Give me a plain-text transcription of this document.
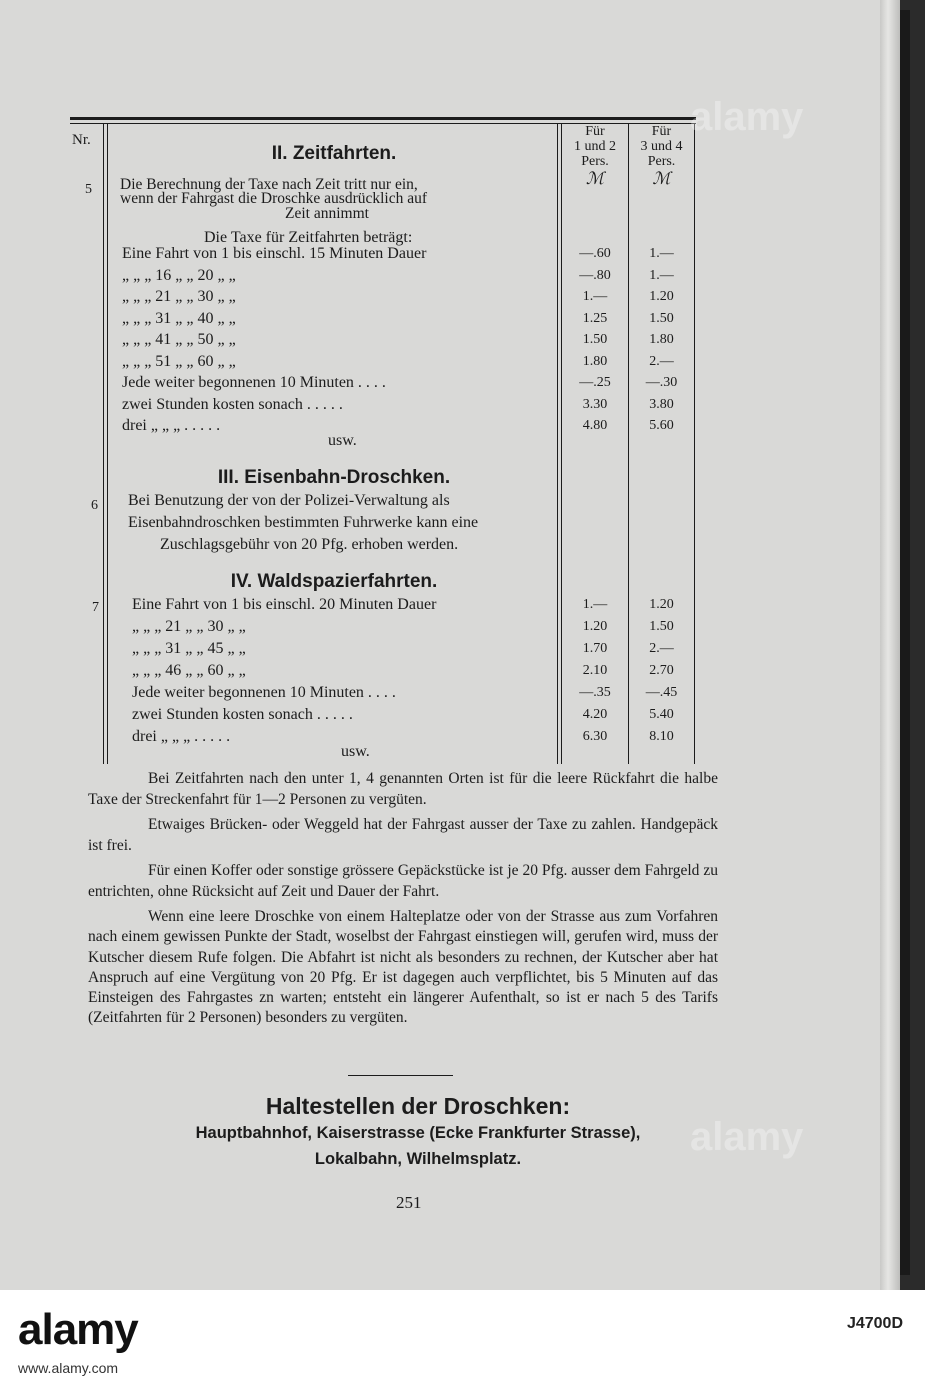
Nr.
Für
1 und 2
Pers.
ℳ
Für
3 und 4
Pers.
ℳ
II. Zeitfahrten.
5 Die Berechnung der Taxe nach Zeit tritt nur ein,
wenn der Fahrgast die Droschke ausdrücklich auf
Zeit annimmt
Die Taxe für Zeitfahrten beträgt:
Eine Fahrt von 1 bis einschl. 15 Minuten Dauer	—.60	1.—
„ „ „ 16 „ „ 20 „ „	—.80	1.—
„ „ „ 21 „ „ 30 „ „	1.—	1.20
„ „ „ 31 „ „ 40 „ „	1.25	1.50
„ „ „ 41 „ „ 50 „ „	1.50	1.80
„ „ „ 51 „ „ 60 „ „	1.80	2.—
Jede weiter begonnenen 10 Minuten . . . .	—.25	—.30
zwei Stunden kosten sonach . . . . .	3.30	3.80
drei „ „ „ . . . . .	4.80	5.60
usw.
III. Eisenbahn-Droschken.
6 Bei Benutzung der von der Polizei-Verwaltung als
Eisenbahndroschken bestimmten Fuhrwerke kann eine
Zuschlagsgebühr von 20 Pfg. erhoben werden.
IV. Waldspazierfahrten.
7 Eine Fahrt von 1 bis einschl. 20 Minuten Dauer	1.—	1.20
„ „ „ 21 „ „ 30 „ „	1.20	1.50
„ „ „ 31 „ „ 45 „ „	1.70	2.—
„ „ „ 46 „ „ 60 „ „	2.10	2.70
Jede weiter begonnenen 10 Minuten . . . .	—.35	—.45
zwei Stunden kosten sonach . . . . .	4.20	5.40
drei „ „ „ . . . . .	6.30	8.10
usw.
Bei Zeitfahrten nach den unter 1, 4 genannten Orten ist für die leere Rückfahrt die halbe Taxe der Streckenfahrt für 1—2 Personen zu vergüten.
Etwaiges Brücken- oder Weggeld hat der Fahrgast ausser der Taxe zu zahlen. Handgepäck ist frei.
Für einen Koffer oder sonstige grössere Gepäckstücke ist je 20 Pfg. ausser dem Fahrgeld zu entrichten, ohne Rücksicht auf Zeit und Dauer der Fahrt.
Wenn eine leere Droschke von einem Halteplatze oder von der Strasse aus zum Vorfahren nach einem gewissen Punkte der Stadt, woselbst der Fahrgast einstiegen will, gerufen wird, muss der Kutscher diesem Rufe folgen. Die Abfahrt ist nicht als besonders zu rechnen, der Kutscher aber hat Anspruch auf eine Vergütung von 20 Pfg. Er ist dagegen auch verpflichtet, bis 5 Minuten auf das Einsteigen des Fahrgastes zn warten; entsteht ein längerer Aufenthalt, so ist er nach 5 des Tarifs (Zeitfahrten für 2 Personen) besonders zu vergüten.
Haltestellen der Droschken:
Hauptbahnhof, Kaiserstrasse (Ecke Frankfurter Strasse),
Lokalbahn, Wilhelmsplatz.
251
alamy
alamy
alamy
www.alamy.com
J4700D
